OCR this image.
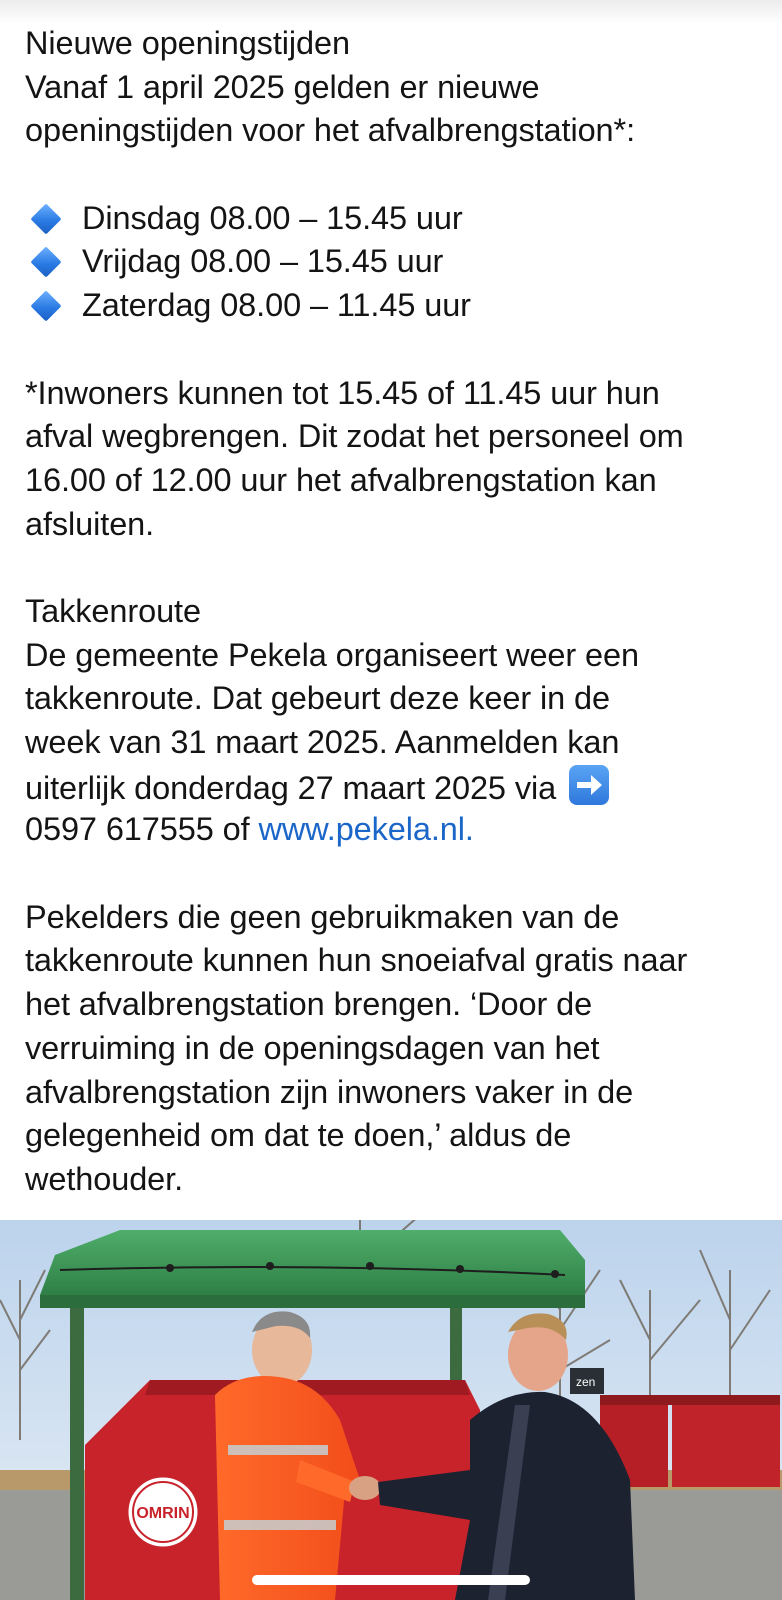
Nieuwe openingstijden
Vanaf 1 april 2025 gelden er nieuwe
openingstijden voor het afvalbrengstation*:
Dinsdag 08.00 – 15.45 uur
Vrijdag 08.00 – 15.45 uur
Zaterdag 08.00 – 11.45 uur
*Inwoners kunnen tot 15.45 of 11.45 uur hun
afval wegbrengen. Dit zodat het personeel om
16.00 of 12.00 uur het afvalbrengstation kan
afsluiten.
Takkenroute
De gemeente Pekela organiseert weer een
takkenroute. Dat gebeurt deze keer in de
week van 31 maart 2025. Aanmelden kan
uiterlijk donderdag 27 maart 2025 via
0597 617555 of www.pekela.nl.
Pekelders die geen gebruikmaken van de
takkenroute kunnen hun snoeiafval gratis naar
het afvalbrengstation brengen. ‘Door de
verruiming in de openingsdagen van het
afvalbrengstation zijn inwoners vaker in de
gelegenheid om dat te doen,’ aldus de
wethouder.
zen
OMRIN
